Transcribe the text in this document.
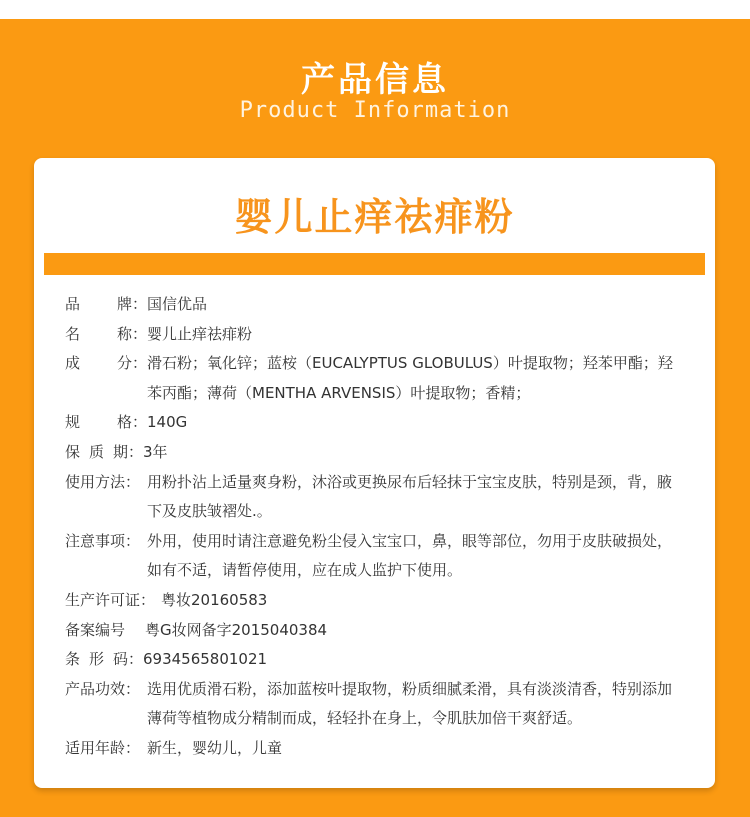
产品信息
Product Information
婴儿止痒祛痱粉
品 牌： 国信优品
名 称： 婴儿止痒祛痱粉
成 分： 滑石粉；氧化锌；蓝桉（EUCALYPTUS GLOBULUS）叶提取物；羟苯甲酯；羟苯丙酯；薄荷（MENTHA ARVENSIS）叶提取物；香精；
规 格： 140G
保 质 期： 3年
使用方法： 用粉扑沾上适量爽身粉，沐浴或更换尿布后轻抹于宝宝皮肤，特别是颈，背，腋下及皮肤皱褶处.。
注意事项： 外用，使用时请注意避免粉尘侵入宝宝口，鼻，眼等部位，勿用于皮肤破损处，如有不适，请暂停使用，应在成人监护下使用。
生产许可证： 粤妆20160583
备案编号 粤G妆网备字2015040384
条 形 码： 6934565801021
产品功效： 选用优质滑石粉，添加蓝桉叶提取物，粉质细腻柔滑，具有淡淡清香，特别添加薄荷等植物成分精制而成，轻轻扑在身上，令肌肤加倍干爽舒适。
适用年龄： 新生，婴幼儿，儿童
